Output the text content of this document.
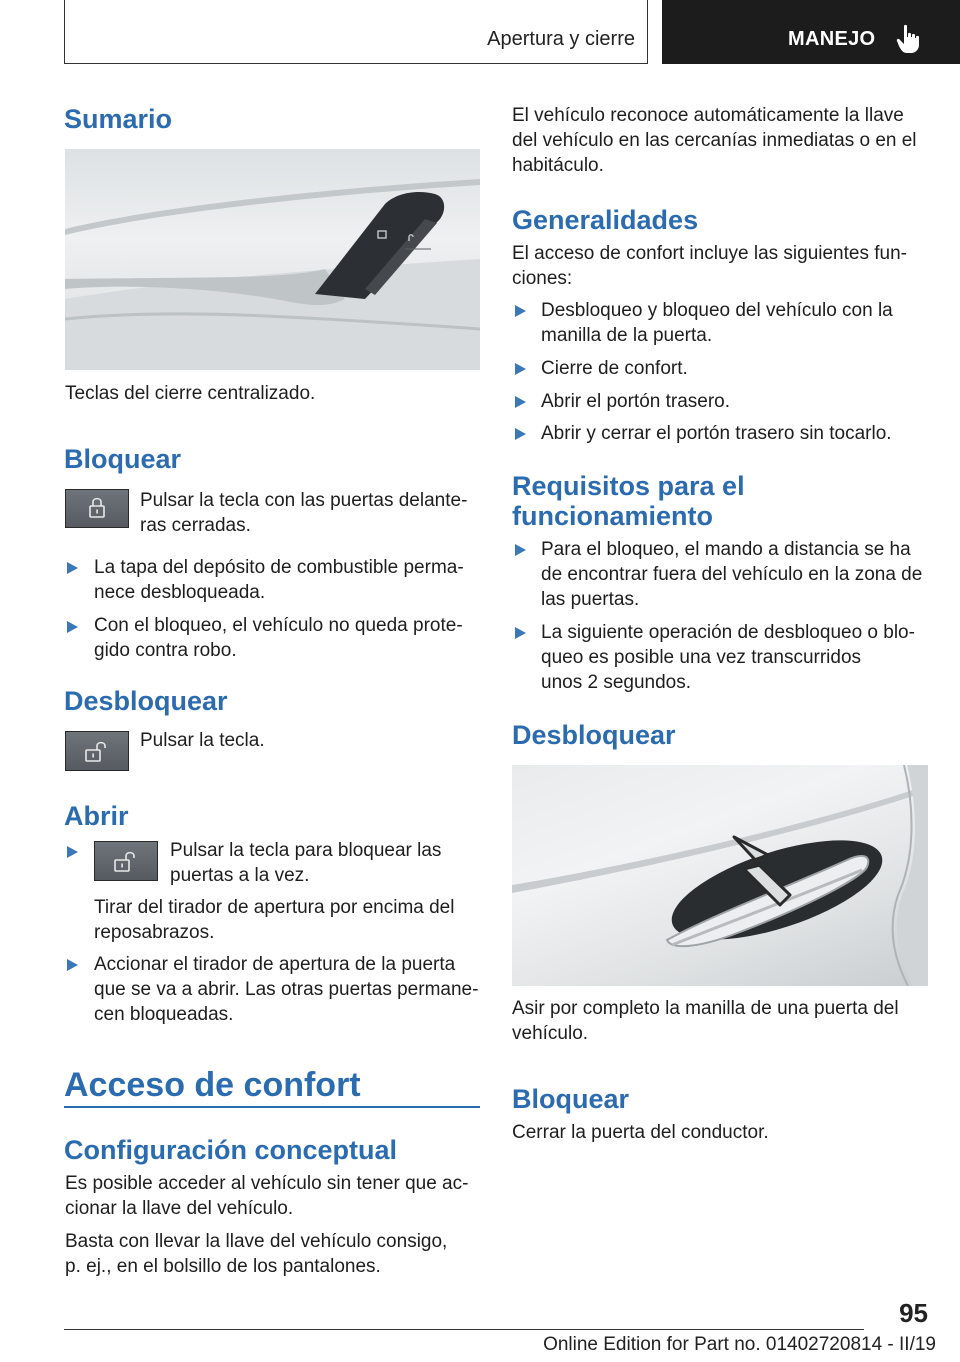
Apertura y cierre	MANEJO
Sumario

Teclas del cierre centralizado.

Bloquear

Pulsar la tecla con las puertas delante‐

ras cerradas.

La tapa del depósito de combustible perma‐

nece desbloqueada.

Con el bloqueo, el vehículo no queda prote‐

gido contra robo.

Desbloquear

Pulsar la tecla.

Abrir

Pulsar la tecla para bloquear las

puertas a la vez.

Tirar del tirador de apertura por encima del

reposabrazos.

Accionar el tirador de apertura de la puerta

que se va a abrir. Las otras puertas permane‐

cen bloqueadas.

Acceso de confort
Configuración conceptual

Es posible acceder al vehículo sin tener que ac‐

cionar la llave del vehículo.

Basta con llevar la llave del vehículo consigo,

p. ej., en el bolsillo de los pantalones.

El vehículo reconoce automáticamente la llave

del vehículo en las cercanías inmediatas o en el

habitáculo.

Generalidades

El acceso de confort incluye las siguientes fun‐

ciones:

Desbloqueo y bloqueo del vehículo con la

manilla de la puerta.

Cierre de confort.

Abrir el portón trasero.

Abrir y cerrar el portón trasero sin tocarlo.

Requisitos para el
funcionamiento

Para el bloqueo, el mando a distancia se ha

de encontrar fuera del vehículo en la zona de

las puertas.

La siguiente operación de desbloqueo o blo‐

queo es posible una vez transcurridos

unos 2 segundos.

Desbloquear

Asir por completo la manilla de una puerta del

vehículo.

Bloquear

Cerrar la puerta del conductor.

95
Online Edition for Part no. 01402720814 - II/19
